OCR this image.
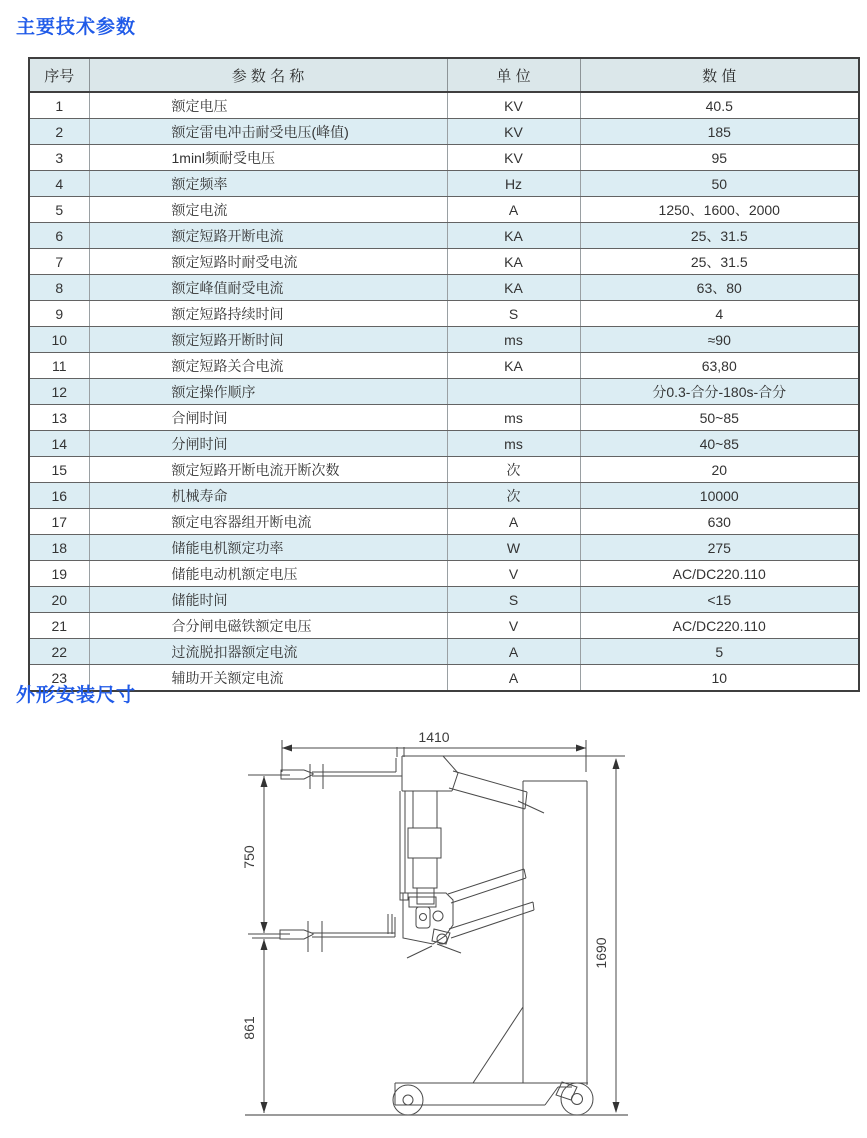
主要技术参数
序号	参 数 名 称	单 位	数 值
1	额定电压	KV	40.5
2	额定雷电冲击耐受电压(峰值)	KV	185
3	1minl频耐受电压	KV	95
4	额定频率	Hz	50
5	额定电流	A	1250、1600、2000
6	额定短路开断电流	KA	25、31.5
7	额定短路时耐受电流	KA	25、31.5
8	额定峰值耐受电流	KA	63、80
9	额定短路持续时间	S	4
10	额定短路开断时间	ms	≈90
11	额定短路关合电流	KA	63,80
12	额定操作顺序		分0.3-合分-180s-合分
13	合闸时间	ms	50~85
14	分闸时间	ms	40~85
15	额定短路开断电流开断次数	次	20
16	机械寿命	次	10000
17	额定电容器组开断电流	A	630
18	储能电机额定功率	W	275
19	储能电动机额定电压	V	AC/DC220.110
20	储能时间	S	<15
21	合分闸电磁铁额定电压	V	AC/DC220.110
22	过流脱扣器额定电流	A	5
23	辅助开关额定电流	A	10
外形安装尺寸
1410
1690
750
861
